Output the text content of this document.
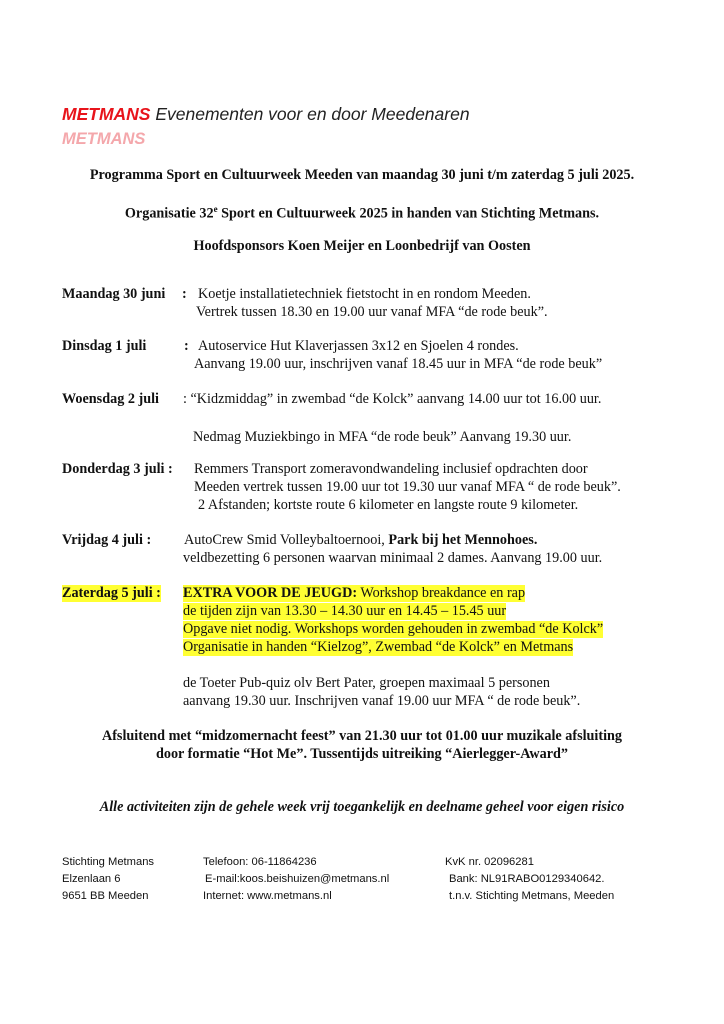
METMANS Evenementen voor en door Meedenaren
METMANS
Programma Sport en Cultuurweek Meeden van maandag 30 juni t/m zaterdag 5 juli 2025.
Organisatie 32e Sport en Cultuurweek 2025 in handen van Stichting Metmans.
Hoofdsponsors Koen Meijer en Loonbedrijf van Oosten
Maandag 30 juni : Koetje installatietechniek fietstocht in en rondom Meeden.
Vertrek tussen 18.30 en 19.00 uur vanaf MFA “de rode beuk”.
Dinsdag 1 juli	: Autoservice Hut Klaverjassen 3x12 en Sjoelen 4 rondes.
Aanvang 19.00 uur, inschrijven vanaf 18.45 uur in MFA “de rode beuk”
Woensdag 2 juli : “Kidzmiddag” in zwembad “de Kolck” aanvang 14.00 uur tot 16.00 uur.
Nedmag Muziekbingo in MFA “de rode beuk” Aanvang 19.30 uur.
Donderdag 3 juli : Remmers Transport zomeravondwandeling inclusief opdrachten door
Meeden vertrek tussen 19.00 uur tot 19.30 uur vanaf MFA “ de rode beuk”.
2 Afstanden; kortste route 6 kilometer en langste route 9 kilometer.
Vrijdag 4 juli : AutoCrew Smid Volleybaltoernooi, Park bij het Mennohoes.
veldbezetting 6 personen waarvan minimaal 2 dames. Aanvang 19.00 uur.
Zaterdag 5 juli : EXTRA VOOR DE JEUGD: Workshop breakdance en rap
de tijden zijn van 13.30 – 14.30 uur en 14.45 – 15.45 uur
Opgave niet nodig. Workshops worden gehouden in zwembad “de Kolck”
Organisatie in handen “Kielzog”, Zwembad “de Kolck” en Metmans
de Toeter Pub-quiz olv Bert Pater, groepen maximaal 5 personen
aanvang 19.30 uur. Inschrijven vanaf 19.00 uur MFA “ de rode beuk”.
Afsluitend met “midzomernacht feest” van 21.30 uur tot 01.00 uur muzikale afsluiting
door formatie “Hot Me”. Tussentijds uitreiking “Aierlegger-Award”
Alle activiteiten zijn de gehele week vrij toegankelijk en deelname geheel voor eigen risico
Stichting Metmans
Elzenlaan 6
9651 BB Meeden
Telefoon: 06-11864236
E-mail:koos.beishuizen@metmans.nl
Internet: www.metmans.nl
KvK nr. 02096281
Bank: NL91RABO0129340642.
t.n.v. Stichting Metmans, Meeden
